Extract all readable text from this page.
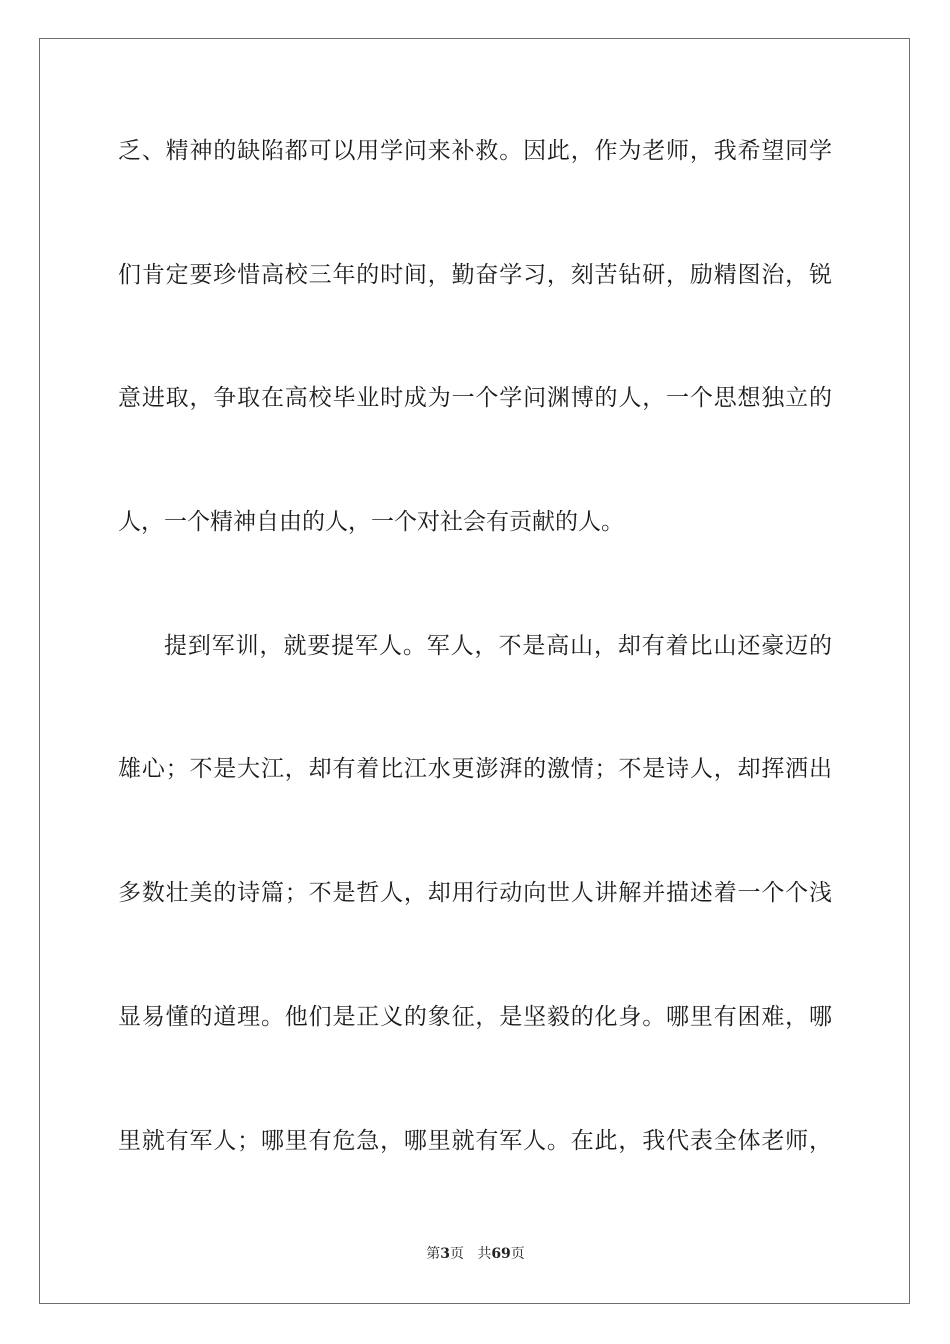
乏、精神的缺陷都可以用学问来补救。因此，作为老师，我希望同学
们肯定要珍惜高校三年的时间，勤奋学习，刻苦钻研，励精图治，锐
意进取，争取在高校毕业时成为一个学问渊博的人，一个思想独立的
人，一个精神自由的人，一个对社会有贡献的人。
提到军训，就要提军人。军人，不是高山，却有着比山还豪迈的
雄心；不是大江，却有着比江水更澎湃的激情；不是诗人，却挥洒出
多数壮美的诗篇；不是哲人，却用行动向世人讲解并描述着一个个浅
显易懂的道理。他们是正义的象征，是坚毅的化身。哪里有困难，哪
里就有军人；哪里有危急，哪里就有军人。在此，我代表全体老师，
第3页 共69页
